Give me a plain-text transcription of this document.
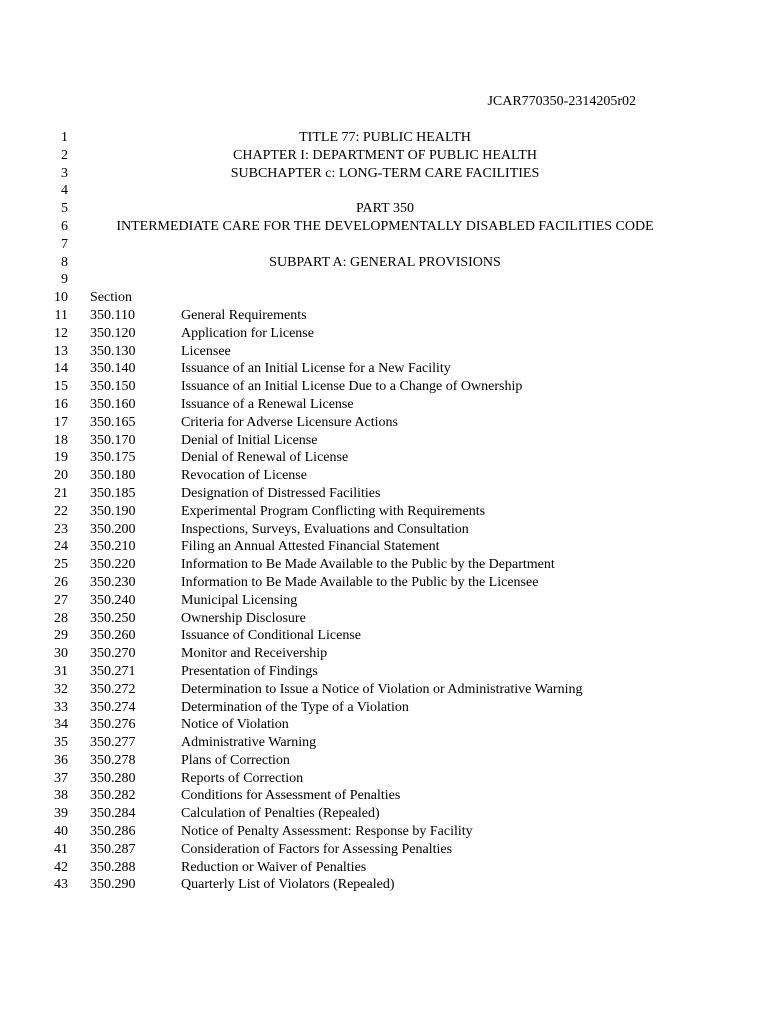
JCAR770350-2314205r02
1	TITLE 77: PUBLIC HEALTH
2	CHAPTER I: DEPARTMENT OF PUBLIC HEALTH
3	SUBCHAPTER c: LONG-TERM CARE FACILITIES
4
5	PART 350
6	INTERMEDIATE CARE FOR THE DEVELOPMENTALLY DISABLED FACILITIES CODE
7
8	SUBPART A: GENERAL PROVISIONS
9
10 Section
11 350.110	General Requirements
12 350.120	Application for License
13 350.130	Licensee
14 350.140	Issuance of an Initial License for a New Facility
15 350.150	Issuance of an Initial License Due to a Change of Ownership
16 350.160	Issuance of a Renewal License
17 350.165	Criteria for Adverse Licensure Actions
18 350.170	Denial of Initial License
19 350.175	Denial of Renewal of License
20 350.180	Revocation of License
21 350.185	Designation of Distressed Facilities
22 350.190	Experimental Program Conflicting with Requirements
23 350.200	Inspections, Surveys, Evaluations and Consultation
24 350.210	Filing an Annual Attested Financial Statement
25 350.220	Information to Be Made Available to the Public by the Department
26 350.230	Information to Be Made Available to the Public by the Licensee
27 350.240	Municipal Licensing
28 350.250	Ownership Disclosure
29 350.260	Issuance of Conditional License
30 350.270	Monitor and Receivership
31 350.271	Presentation of Findings
32 350.272	Determination to Issue a Notice of Violation or Administrative Warning
33 350.274	Determination of the Type of a Violation
34 350.276	Notice of Violation
35 350.277	Administrative Warning
36 350.278	Plans of Correction
37 350.280	Reports of Correction
38 350.282	Conditions for Assessment of Penalties
39 350.284	Calculation of Penalties (Repealed)
40 350.286	Notice of Penalty Assessment: Response by Facility
41 350.287	Consideration of Factors for Assessing Penalties
42 350.288	Reduction or Waiver of Penalties
43 350.290	Quarterly List of Violators (Repealed)
